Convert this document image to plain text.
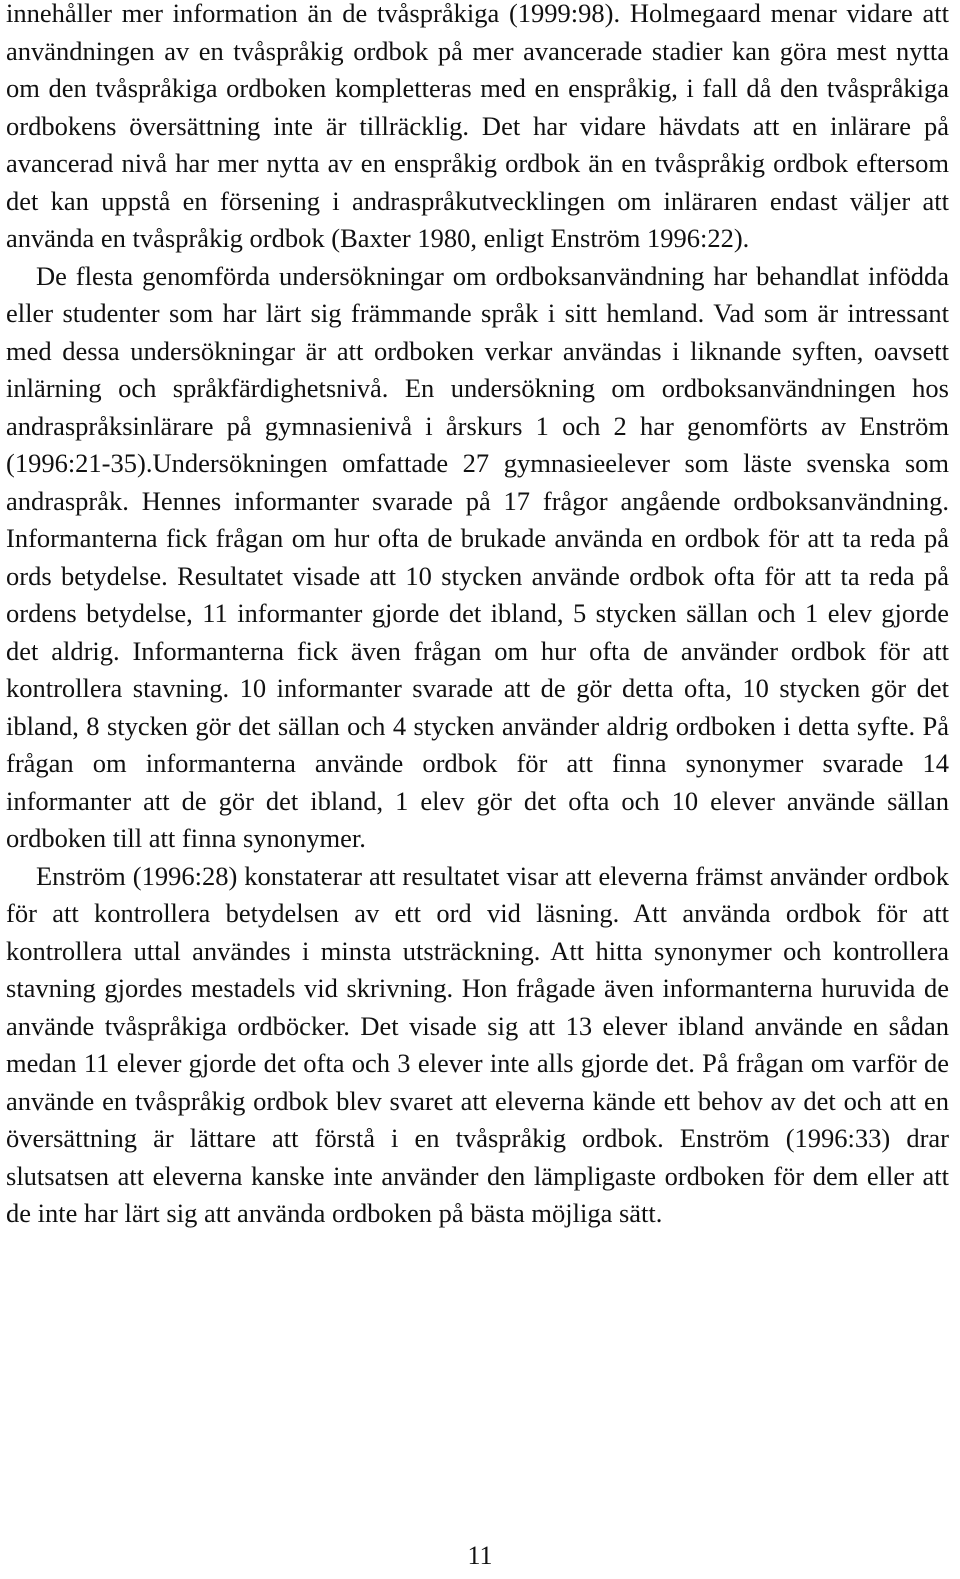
innehåller mer information än de tvåspråkiga (1999:98). Holmegaard menar vidare att användningen av en tvåspråkig ordbok på mer avancerade stadier kan göra mest nytta om den tvåspråkiga ordboken kompletteras med en enspråkig, i fall då den tvåspråkiga ordbokens översättning inte är tillräcklig. Det har vidare hävdats att en inlärare på avancerad nivå har mer nytta av en enspråkig ordbok än en tvåspråkig ordbok eftersom det kan uppstå en försening i andraspråkutvecklingen om inläraren endast väljer att använda en tvåspråkig ordbok (Baxter 1980, enligt Enström 1996:22).

De flesta genomförda undersökningar om ordboksanvändning har behandlat infödda eller studenter som har lärt sig främmande språk i sitt hemland. Vad som är intressant med dessa undersökningar är att ordboken verkar användas i liknande syften, oavsett inlärning och språkfärdighetsnivå. En undersökning om ordboksanvändningen hos andraspråksinlärare på gymnasienivå i årskurs 1 och 2 har genomförts av Enström (1996:21-35).Undersökningen omfattade 27 gymnasieelever som läste svenska som andraspråk. Hennes informanter svarade på 17 frågor angående ordboksanvändning. Informanterna fick frågan om hur ofta de brukade använda en ordbok för att ta reda på ords betydelse. Resultatet visade att 10 stycken använde ordbok ofta för att ta reda på ordens betydelse, 11 informanter gjorde det ibland, 5 stycken sällan och 1 elev gjorde det aldrig. Informanterna fick även frågan om hur ofta de använder ordbok för att kontrollera stavning. 10 informanter svarade att de gör detta ofta, 10 stycken gör det ibland, 8 stycken gör det sällan och 4 stycken använder aldrig ordboken i detta syfte. På frågan om informanterna använde ordbok för att finna synonymer svarade 14 informanter att de gör det ibland, 1 elev gör det ofta och 10 elever använde sällan ordboken till att finna synonymer.

Enström (1996:28) konstaterar att resultatet visar att eleverna främst använder ordbok för att kontrollera betydelsen av ett ord vid läsning. Att använda ordbok för att kontrollera uttal användes i minsta utsträckning. Att hitta synonymer och kontrollera stavning gjordes mestadels vid skrivning. Hon frågade även informanterna huruvida de använde tvåspråkiga ordböcker. Det visade sig att 13 elever ibland använde en sådan medan 11 elever gjorde det ofta och 3 elever inte alls gjorde det. På frågan om varför de använde en tvåspråkig ordbok blev svaret att eleverna kände ett behov av det och att en översättning är lättare att förstå i en tvåspråkig ordbok. Enström (1996:33) drar slutsatsen att eleverna kanske inte använder den lämpligaste ordboken för dem eller att de inte har lärt sig att använda ordboken på bästa möjliga sätt.

11
